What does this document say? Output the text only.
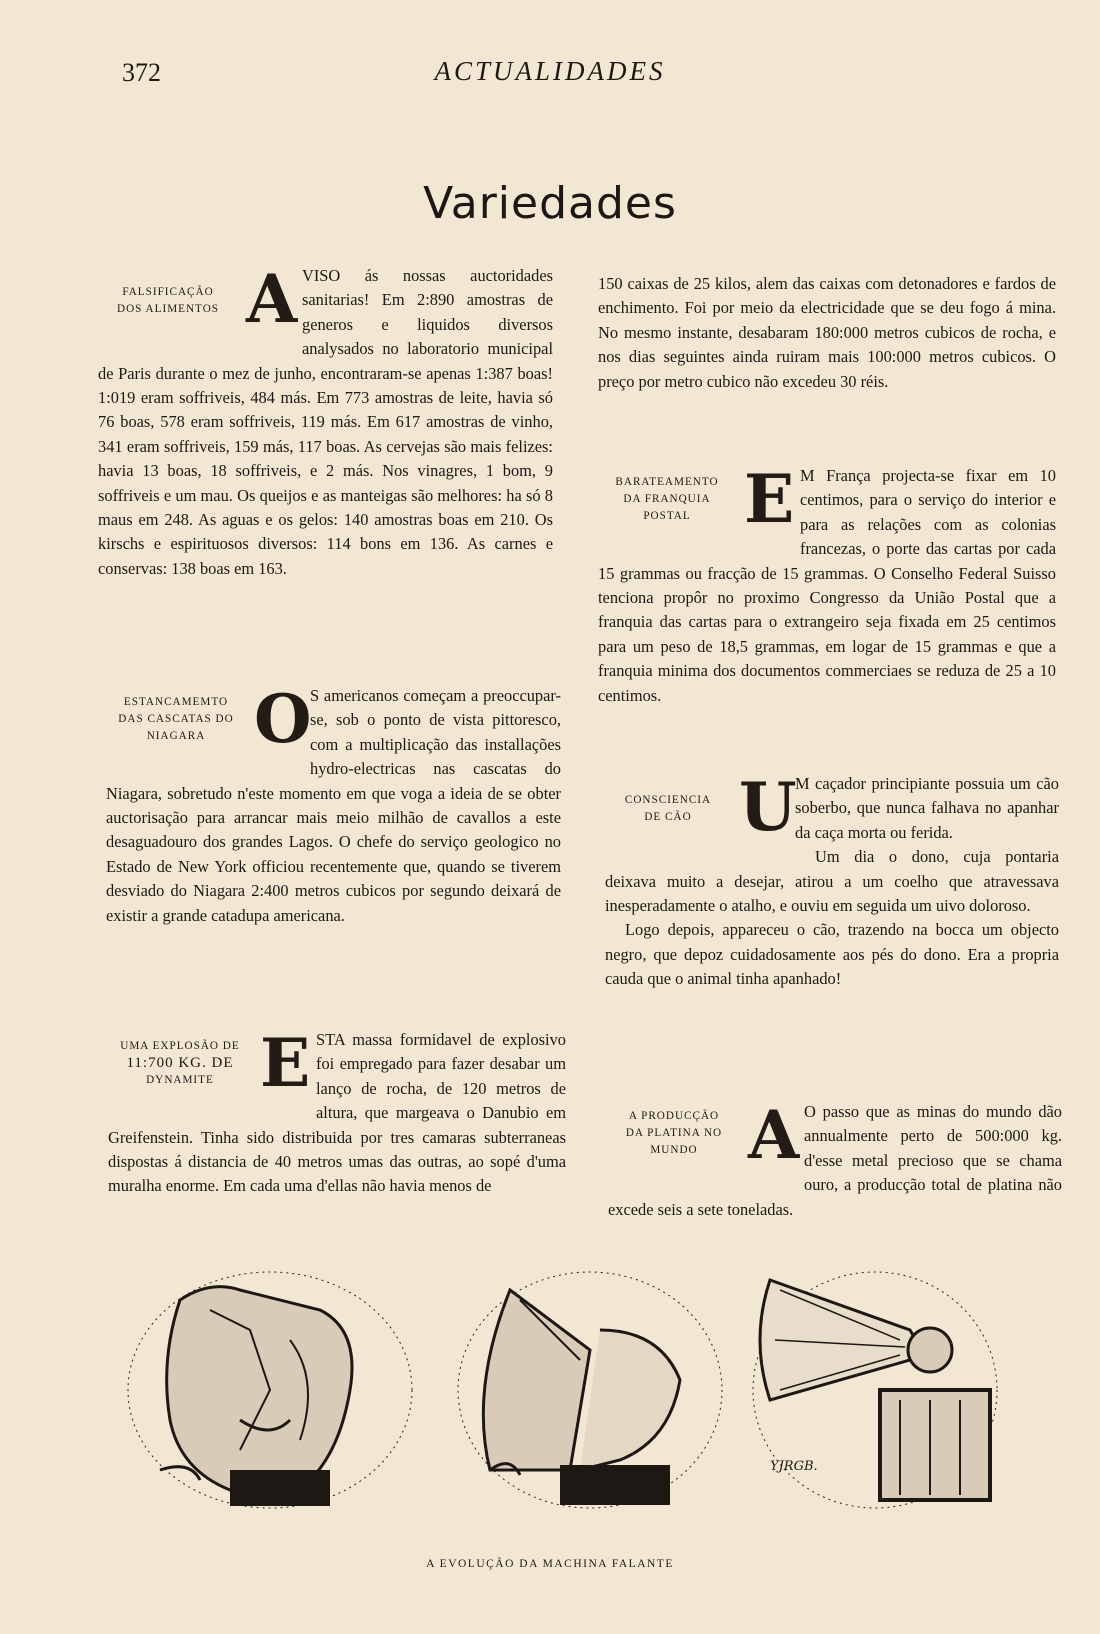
372	ACTUALIDADES
Variedades
FALSIFICAÇÃO
DOS ALIMENTOS A VISO ás nossas auctoridades sanitarias! Em 2:890 amostras de generos e liquidos diversos analysados no laboratorio municipal de Paris durante o mez de junho, encontraram-se apenas 1:387 boas! 1:019 eram soffriveis, 484 más. Em 773 amostras de leite, havia só 76 boas, 578 eram soffriveis, 119 más. Em 617 amostras de vinho, 341 eram soffriveis, 159 más, 117 boas. As cervejas são mais felizes: havia 13 boas, 18 soffriveis, e 2 más. Nos vinagres, 1 bom, 9 soffriveis e um mau. Os queijos e as manteigas são melhores: ha só 8 maus em 248. As aguas e os gelos: 140 amostras boas em 210. Os kirschs e espirituosos diversos: 114 bons em 136. As carnes e conservas: 138 boas em 163.

ESTANCAMEMTO
DAS CASCATAS DO
NIAGARA O

S americanos começam a preoccupar-se, sob o ponto de vista pittoresco, com a multiplicação das installações hydro-electricas nas cascatas do Niagara, sobretudo n'este momento em que voga a ideia de se obter auctorisação para arrancar mais meio milhão de cavallos a este desaguadouro dos grandes Lagos. O chefe do serviço geologico no Estado de New York officiou recentemente que, quando se tiverem desviado do Niagara 2:400 metros cubicos por segundo deixará de existir a grande catadupa americana.

UMA EXPLOSÃO DE
11:700 KG. DE
DYNAMITE E STA massa formidavel de explosivo foi empregado para fazer desabar um lanço de rocha, de 120 metros de altura, que margeava o Danubio em Greifenstein. Tinha sido distribuida por tres camaras subterraneas dispostas á distancia de 40 metros umas das outras, ao sopé d'uma muralha enorme. Em cada uma d'ellas não havia menos de

150 caixas de 25 kilos, alem das caixas com detonadores e fardos de enchimento. Foi por meio da electricidade que se deu fogo á mina. No mesmo instante, desabaram 180:000 metros cubicos de rocha, e nos dias seguintes ainda ruiram mais 100:000 metros cubicos. O preço por metro cubico não excedeu 30 réis.

BARATEAMENTO
DA FRANQUIA
POSTAL E M França projecta-se fixar em 10 centimos, para o serviço do interior e para as relações com as colonias francezas, o porte das cartas por cada 15 grammas ou fracção de 15 grammas. O Conselho Federal Suisso tenciona propôr no proximo Congresso da União Postal que a franquia das cartas para o extrangeiro seja fixada em 25 centimos para um peso de 18,5 grammas, em logar de 15 grammas e que a franquia minima dos documentos commerciaes se reduza de 25 a 10 centimos.

CONSCIENCIA
DE CÃO U

M caçador principiante possuia um cão soberbo, que nunca falhava no apanhar da caça morta ou ferida.

Um dia o dono, cuja pontaria deixava muito a desejar, atirou a um coelho que atravessava inesperadamente o atalho, e ouviu em seguida um uivo doloroso.

Logo depois, appareceu o cão, trazendo na bocca um objecto negro, que depoz cuidadosamente aos pés do dono. Era a propria cauda que o animal tinha apanhado!

A PRODUCÇÃO
DA PLATINA NO
MUNDO A O passo que as minas do mundo dão annualmente perto de 500:000 kg. d'esse metal precioso que se chama ouro, a producção total de platina não excede seis a sete toneladas.

YJRGB.
A EVOLUÇÃO DA MACHINA FALANTE
